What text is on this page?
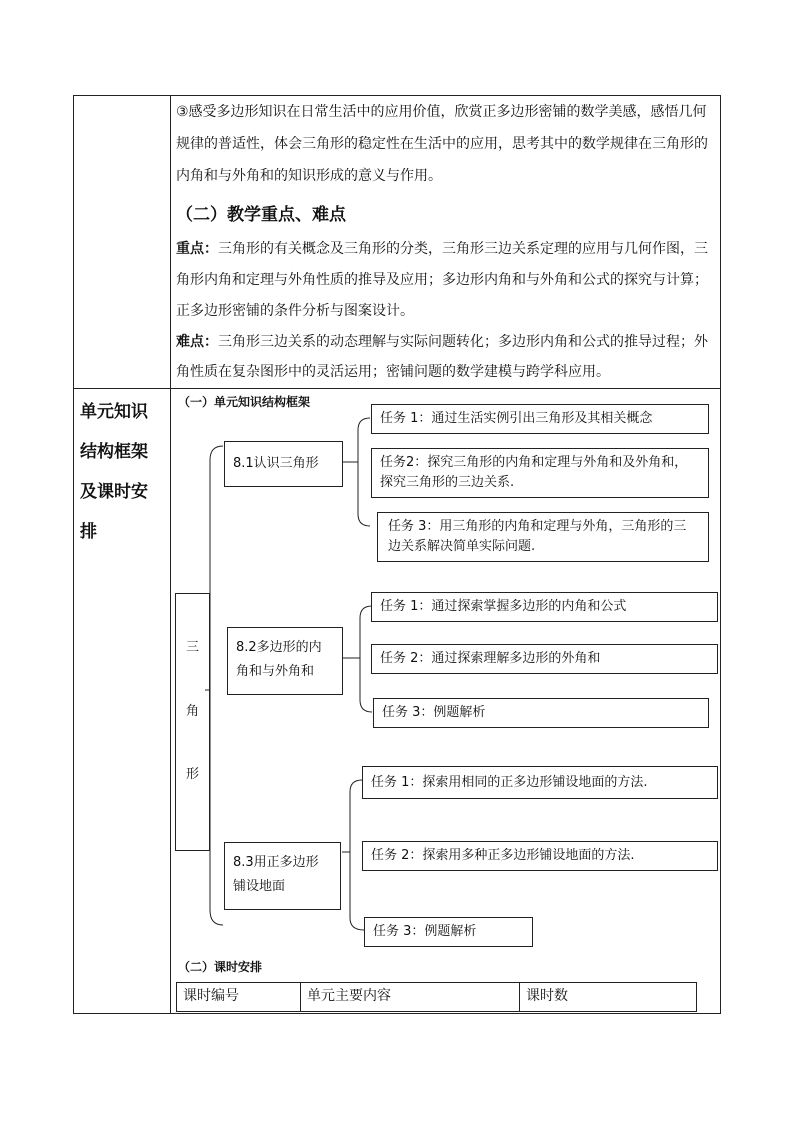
③感受多边形知识在日常生活中的应用价值，欣赏正多边形密铺的数学美感，感悟几何
规律的普适性，体会三角形的稳定性在生活中的应用，思考其中的数学规律在三角形的
内角和与外角和的知识形成的意义与作用。
（二）教学重点、难点
重点：三角形的有关概念及三角形的分类，三角形三边关系定理的应用与几何作图，三
角形内角和定理与外角性质的推导及应用；多边形内角和与外角和公式的探究与计算；
正多边形密铺的条件分析与图案设计。
难点：三角形三边关系的动态理解与实际问题转化；多边形内角和公式的推导过程；外
角性质在复杂图形中的灵活运用；密铺问题的数学建模与跨学科应用。
单元知识
结构框架
及课时安
排
（一）单元知识结构框架
三
角
形
8.1认识三角形
8.2多边形的内
角和与外角和
8.3用正多边形
铺设地面
任务 1：通过生活实例引出三角形及其相关概念
任务2：探究三角形的内角和定理与外角和及外角和，
探究三角形的三边关系.
任务 3：用三角形的内角和定理与外角，三角形的三
边关系解决简单实际问题.
任务 1：通过探索掌握多边形的内角和公式
任务 2：通过探索理解多边形的外角和
任务 3：例题解析
任务 1：探索用相同的正多边形铺设地面的方法.
任务 2：探索用多种正多边形铺设地面的方法.
任务 3：例题解析
（二）课时安排
课时编号	单元主要内容	课时数
